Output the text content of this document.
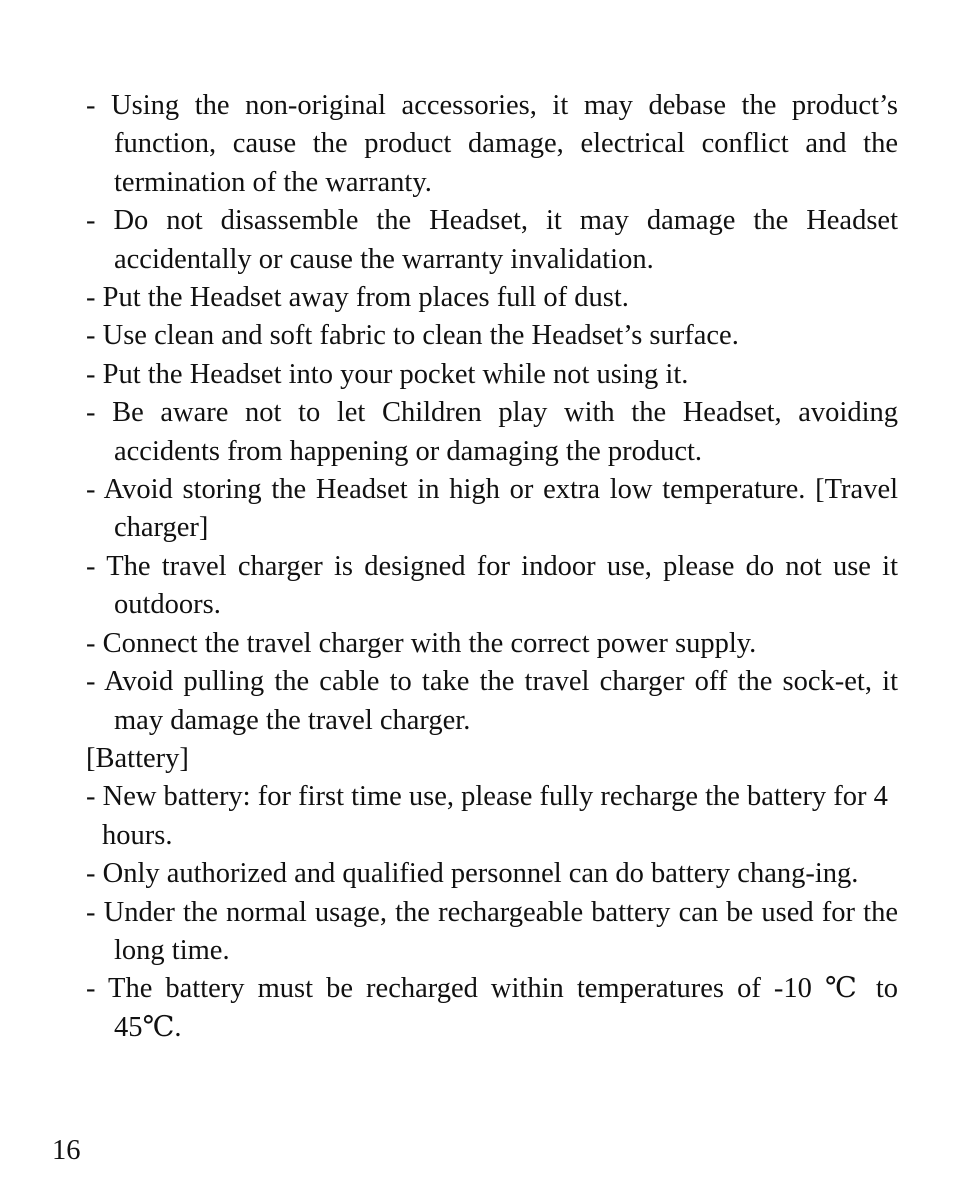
- Using the non-original accessories, it may debase the product’s function, cause the product damage, electrical conflict and the termination of the warranty.

- Do not disassemble the Headset, it may damage the Headset accidentally or cause the warranty invalidation.

- Put the Headset away from places full of dust.

- Use clean and soft fabric to clean the Headset’s surface.

- Put the Headset into your pocket while not using it.

- Be aware not to let Children play with the Headset, avoiding accidents from happening or damaging the product.

- Avoid storing the Headset in high or extra low temperature. [Travel charger]

- The travel charger is designed for indoor use, please do not use it outdoors.

- Connect the travel charger with the correct power supply.

- Avoid pulling the cable to take the travel charger off the sock-et, it may damage the travel charger.

[Battery]

- New battery: for first time use, please fully recharge the battery for 4 hours.

- Only authorized and qualified personnel can do battery chang-ing.

- Under the normal usage, the rechargeable battery can be used for the long time.

- The battery must be recharged within temperatures of -10 ℃ to 45℃.

16
